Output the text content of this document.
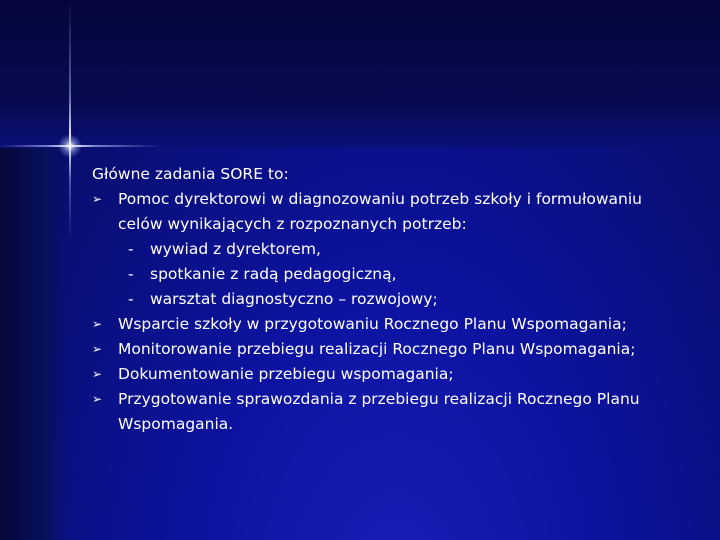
Główne zadania SORE to:
➢ Pomoc dyrektorowi w diagnozowaniu potrzeb szkoły i formułowaniu
celów wynikających z rozpoznanych potrzeb:
- wywiad z dyrektorem,
- spotkanie z radą pedagogiczną,
- warsztat diagnostyczno – rozwojowy;
➢ Wsparcie szkoły w przygotowaniu Rocznego Planu Wspomagania;
➢ Monitorowanie przebiegu realizacji Rocznego Planu Wspomagania;
➢ Dokumentowanie przebiegu wspomagania;
➢ Przygotowanie sprawozdania z przebiegu realizacji Rocznego Planu
Wspomagania.
